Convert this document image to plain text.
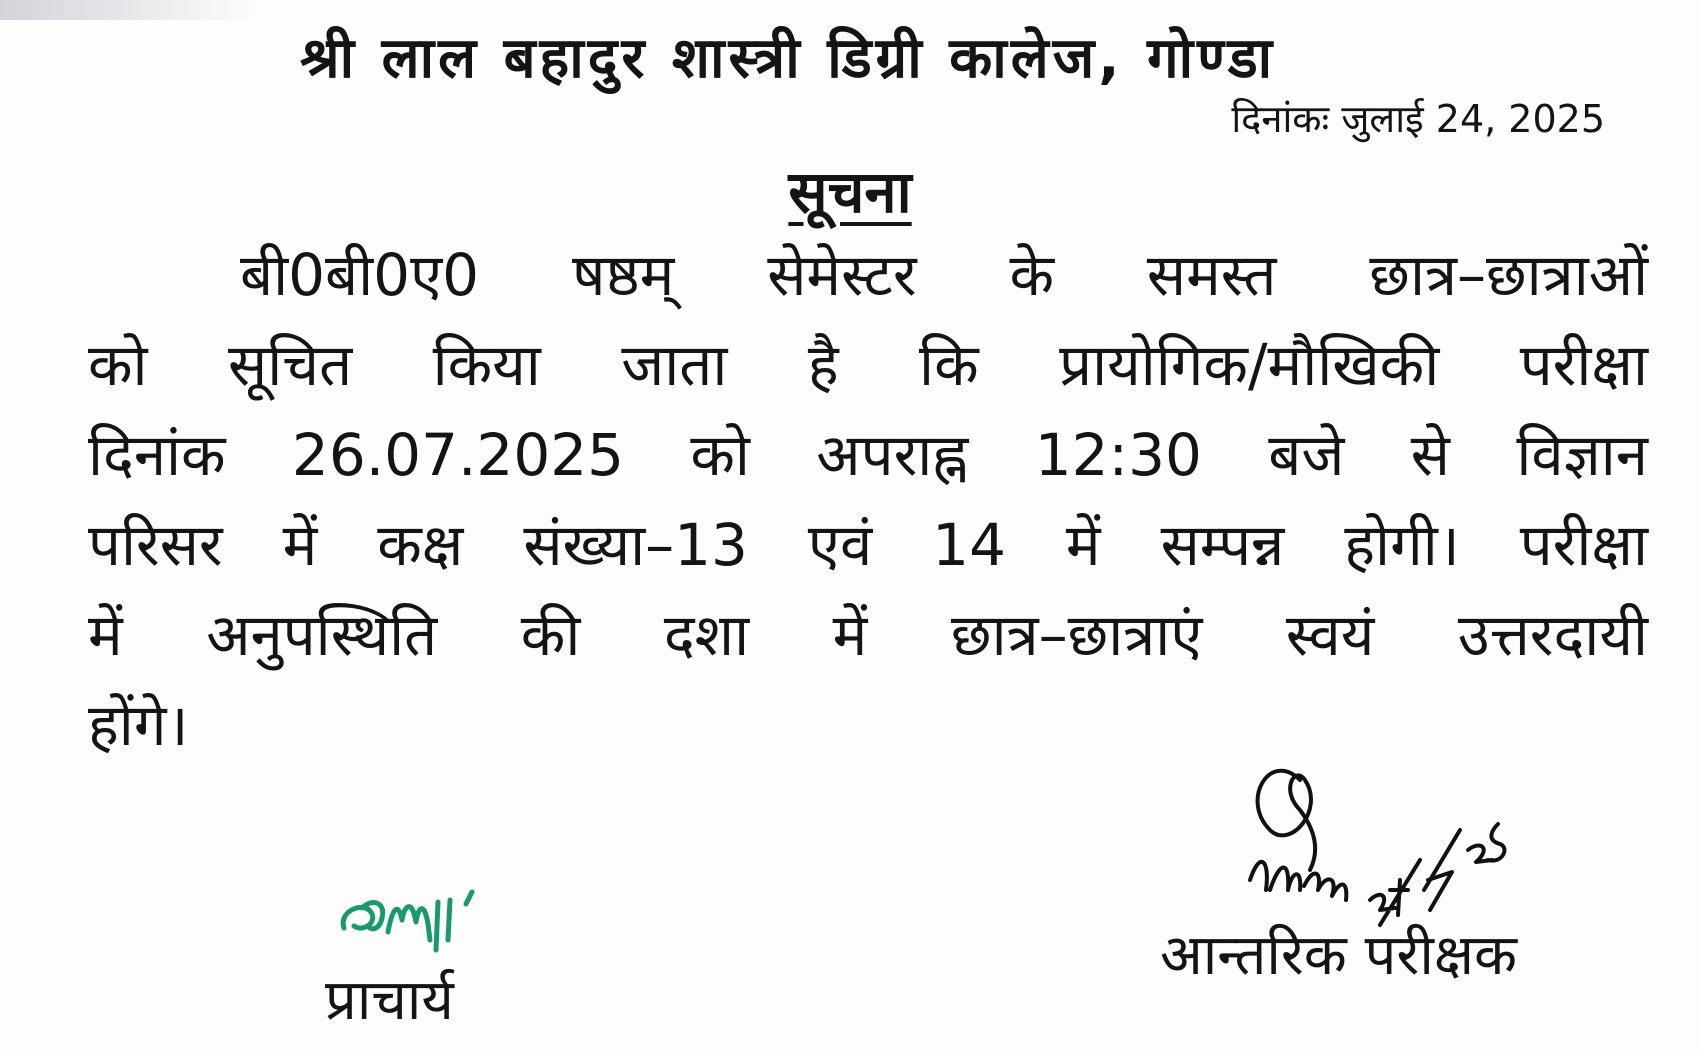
श्री लाल बहादुर शास्त्री डिग्री कालेज, गोण्डा
दिनांकः जुलाई 24, 2025
सूचना
बी0बी0ए0 षष्ठम् सेमेस्टर के समस्त छात्र–छात्राओं
को सूचित किया जाता है कि प्रायोगिक/मौखिकी परीक्षा
दिनांक 26.07.2025 को अपराह्न 12:30 बजे से विज्ञान
परिसर में कक्ष संख्या–13 एवं 14 में सम्पन्न होगी। परीक्षा
में अनुपस्थिति की दशा में छात्र–छात्राएं स्वयं उत्तरदायी
होंगे।
प्राचार्य
आन्तरिक परीक्षक
